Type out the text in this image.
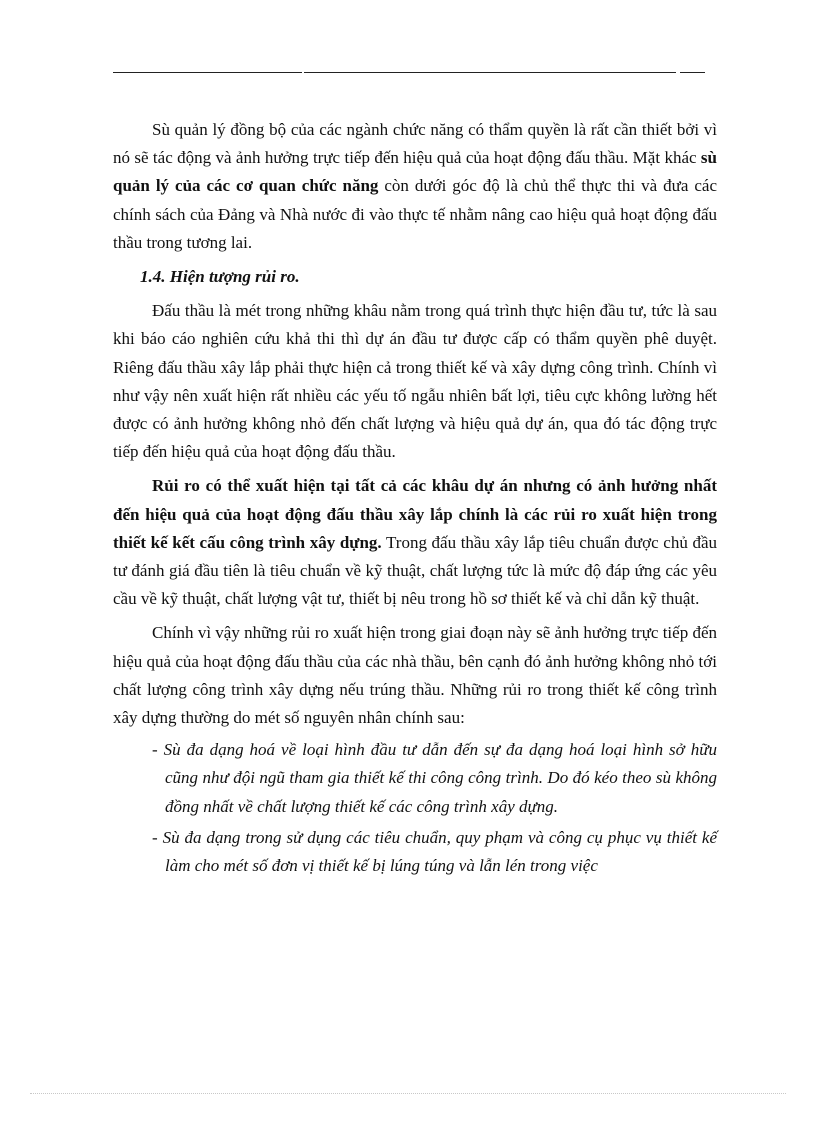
Sù quản lý đồng bộ của các ngành chức năng có thẩm quyền là rất cần thiết bởi vì nó sẽ tác động và ảnh hưởng trực tiếp đến hiệu quả của hoạt động đấu thầu. Mặt khác sù quản lý của các cơ quan chức năng còn dưới góc độ là chủ thể thực thi và đưa các chính sách của Đảng và Nhà nước đi vào thực tế nhằm nâng cao hiệu quả hoạt động đấu thầu trong tương lai.

1.4. Hiện tượng rủi ro.

Đấu thầu là mét trong những khâu nằm trong quá trình thực hiện đầu tư, tức là sau khi báo cáo nghiên cứu khả thi thì dự án đầu tư được cấp có thẩm quyền phê duyệt. Riêng đấu thầu xây lắp phải thực hiện cả trong thiết kế và xây dựng công trình. Chính vì như vậy nên xuất hiện rất nhiều các yếu tố ngẫu nhiên bất lợi, tiêu cực không lường hết được có ảnh hưởng không nhỏ đến chất lượng và hiệu quả dự án, qua đó tác động trực tiếp đến hiệu quả của hoạt động đấu thầu.

Rủi ro có thể xuất hiện tại tất cả các khâu dự án nhưng có ảnh hưởng nhất đến hiệu quả của hoạt động đấu thầu xây lắp chính là các rủi ro xuất hiện trong thiết kế kết cấu công trình xây dựng. Trong đấu thầu xây lắp tiêu chuẩn được chủ đầu tư đánh giá đầu tiên là tiêu chuẩn về kỹ thuật, chất lượng tức là mức độ đáp ứng các yêu cầu về kỹ thuật, chất lượng vật tư, thiết bị nêu trong hồ sơ thiết kế và chỉ dẫn kỹ thuật.

Chính vì vậy những rủi ro xuất hiện trong giai đoạn này sẽ ảnh hưởng trực tiếp đến hiệu quả của hoạt động đấu thầu của các nhà thầu, bên cạnh đó ảnh hưởng không nhỏ tới chất lượng công trình xây dựng nếu trúng thầu. Những rủi ro trong thiết kế công trình xây dựng thường do mét số nguyên nhân chính sau:

- Sù đa dạng hoá về loại hình đầu tư dẫn đến sự đa dạng hoá loại hình sở hữu cũng như đội ngũ tham gia thiết kế thi công công trình. Do đó kéo theo sù không đồng nhất về chất lượng thiết kế các công trình xây dựng.
- Sù đa dạng trong sử dụng các tiêu chuẩn, quy phạm và công cụ phục vụ thiết kế làm cho mét số đơn vị thiết kế bị lúng túng và lẫn lén trong việc
